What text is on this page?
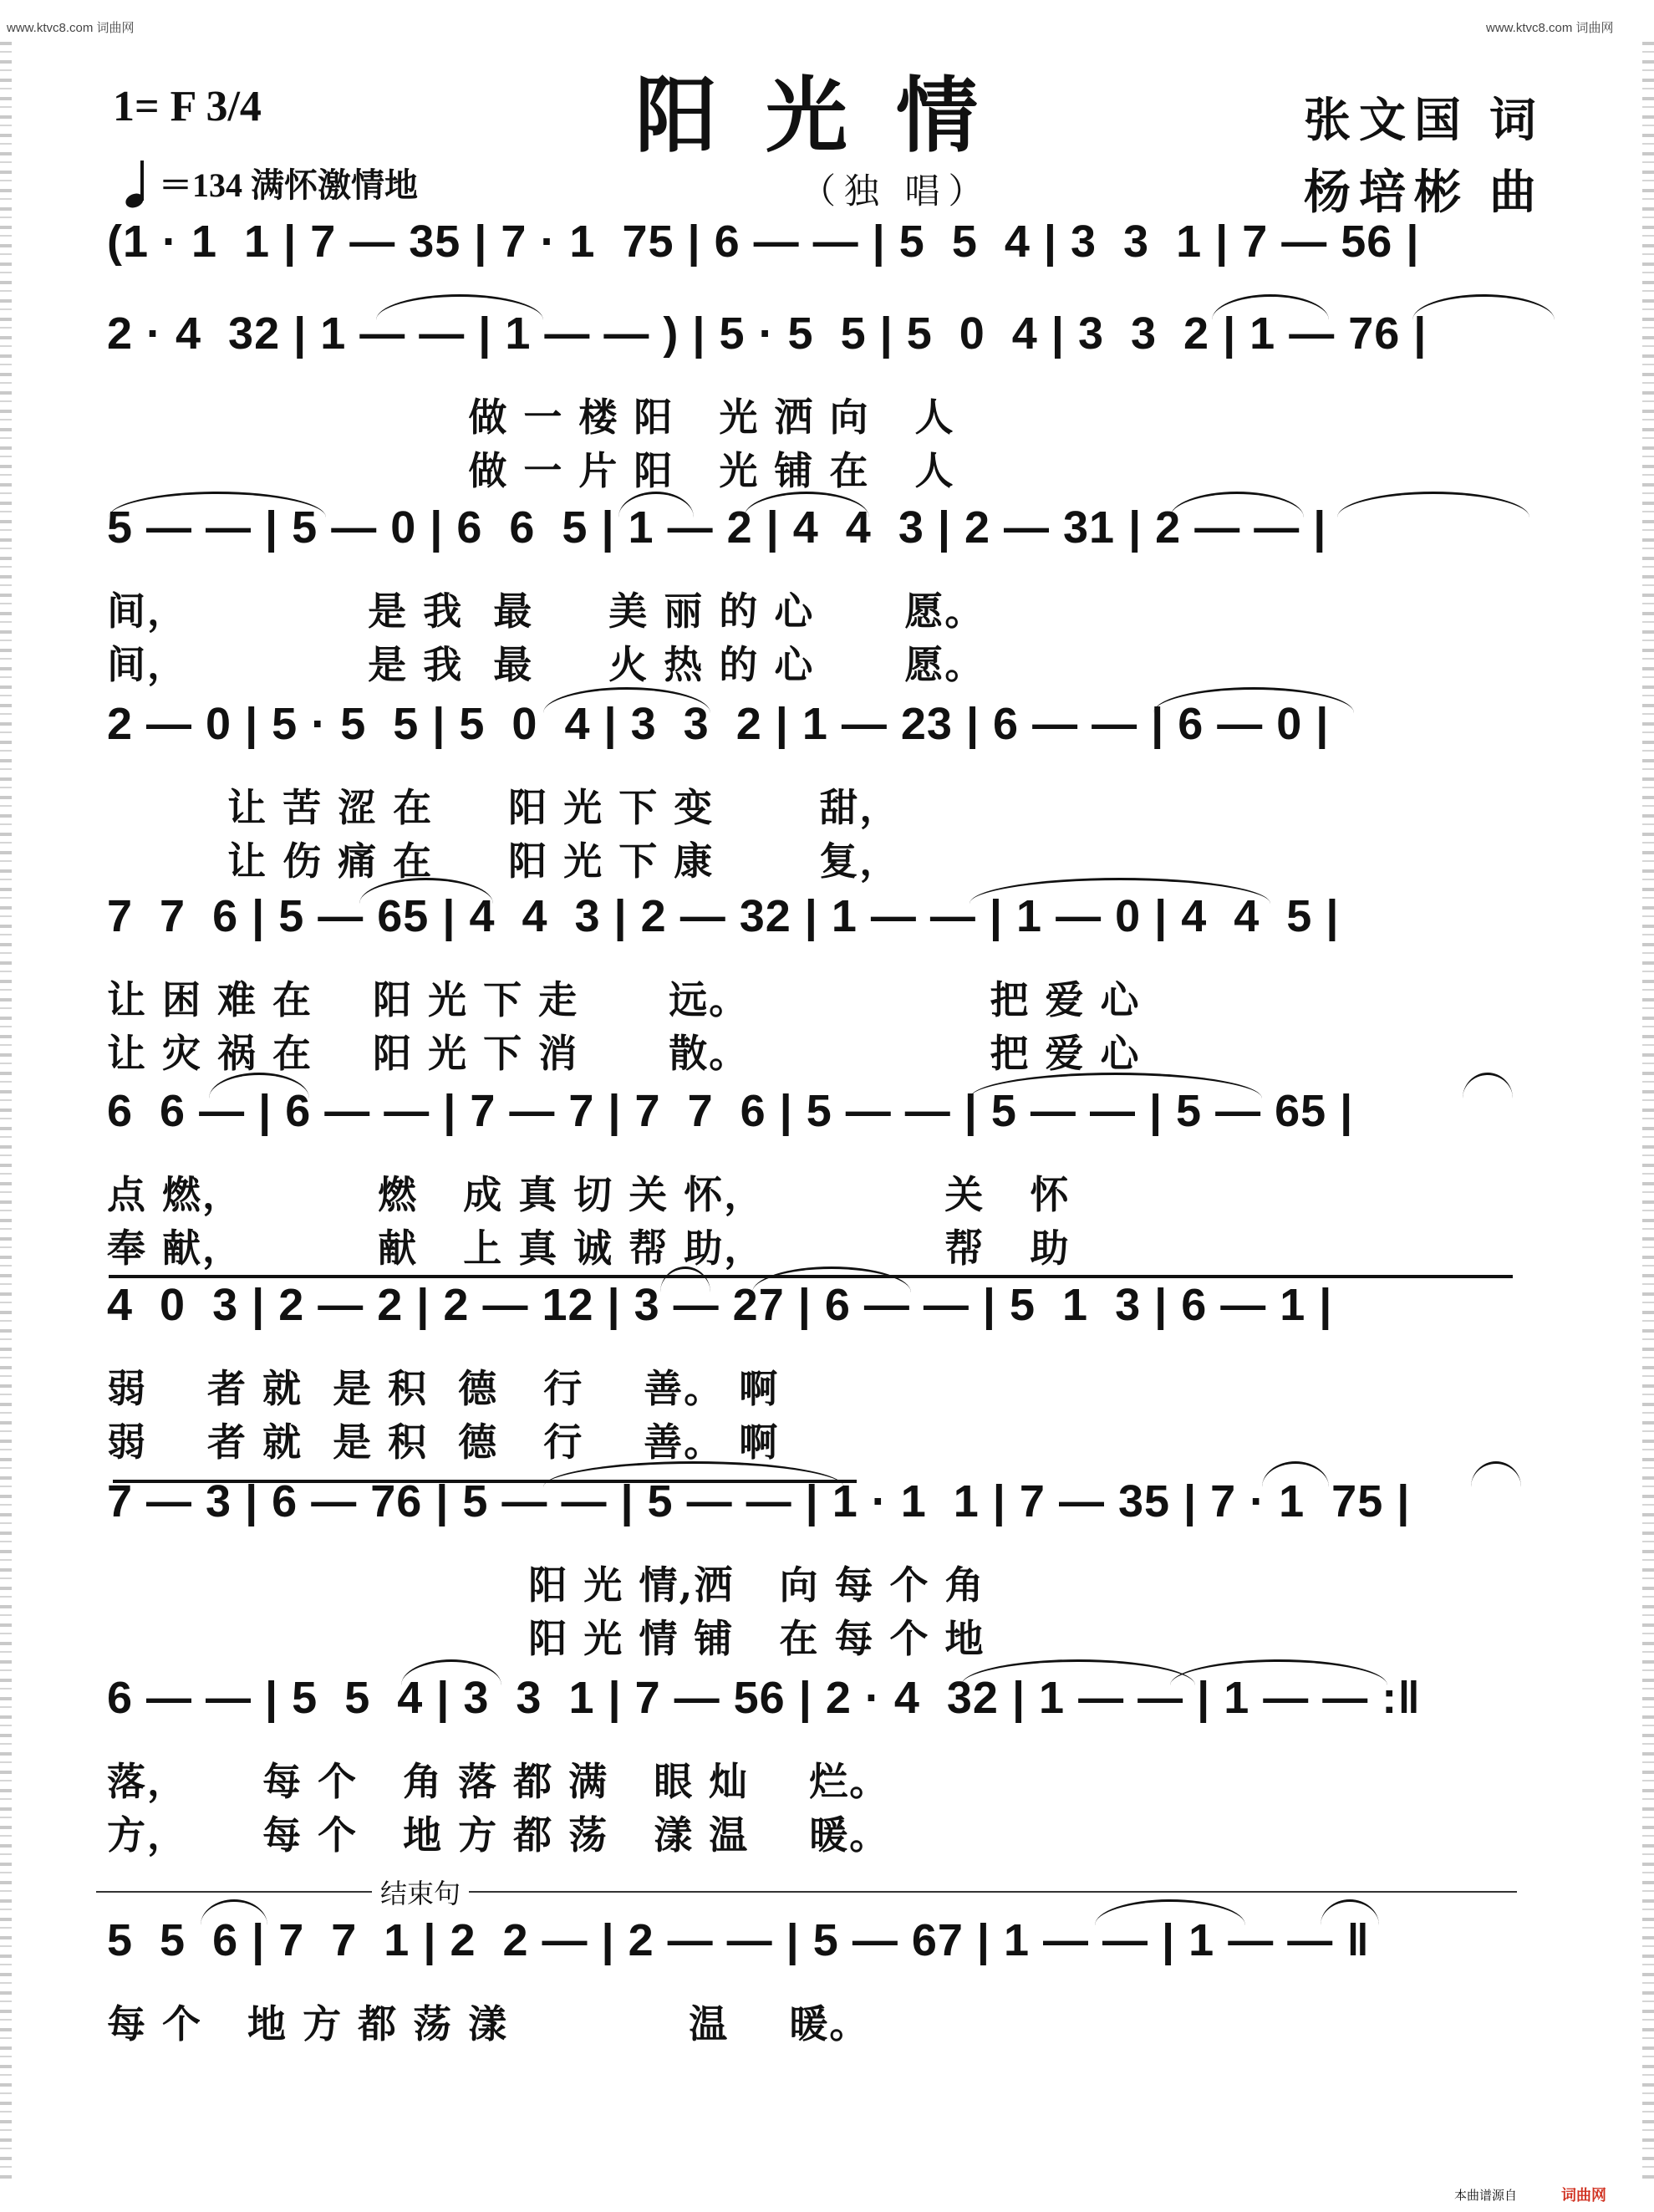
www.ktvc8.com 词曲网	www.ktvc8.com 词曲网
1= F 3/4
＝134 满怀激情地
阳光情
（独 唱）
张文国 词
杨培彬 曲
(1 · 1  1 | 7 — 35 | 7 · 1  75 | 6 — — | 5  5  4 | 3  3  1 | 7 — 56 |
2 · 4  32 | 1 — — | 1 — — ) | 5 · 5  5 | 5  0  4 | 3  3  2 | 1 — 76 |
做 一 楼 阳   光 洒 向   人
做 一 片 阳   光 铺 在   人
5 — — | 5 — 0 | 6  6  5 | 1 — 2 | 4  4  3 | 2 — 31 | 2 — — |
间，            是 我  最     美 丽 的 心      愿。
间，            是 我  最     火 热 的 心      愿。
2 — 0 | 5 · 5  5 | 5  0  4 | 3  3  2 | 1 — 23 | 6 — — | 6 — 0 |
让 苦 涩 在     阳 光 下 变       甜，
让 伤 痛 在     阳 光 下 康       复，
7  7  6 | 5 — 65 | 4  4  3 | 2 — 32 | 1 — — | 1 — 0 | 4  4  5 |
让 困 难 在    阳 光 下 走      远。                把 爱 心
让 灾 祸 在    阳 光 下 消      散。                把 爱 心
6  6 — | 6 — — | 7 — 7 | 7  7  6 | 5 — — | 5 — — | 5 — 65 |
点 燃，         燃   成 真 切 关 怀，            关   怀
奉 献，         献   上 真 诚 帮 助，            帮   助
4  0  3 | 2 — 2 | 2 — 12 | 3 — 27 | 6 — — | 5  1  3 | 6 — 1 |
弱    者 就  是 积  德   行    善。 啊
弱    者 就  是 积  德   行    善。 啊
7 — 3 | 6 — 76 | 5 — — | 5 — — | 1 · 1  1 | 7 — 35 | 7 · 1  75 |
阳 光 情,洒   向 每 个 角
阳 光 情 铺   在 每 个 地
6 — — | 5  5  4 | 3  3  1 | 7 — 56 | 2 · 4  32 | 1 — — | 1 — — :‖
落，     每 个   角 落 都 满   眼 灿    烂。
方，     每 个   地 方 都 荡   漾 温    暖。
5  5  6 | 7  7  1 | 2  2 — | 2 — — | 5 — 67 | 1 — — | 1 — — ‖
每 个   地 方 都 荡 漾            温    暖。
结束句
本曲谱源自	词曲网
